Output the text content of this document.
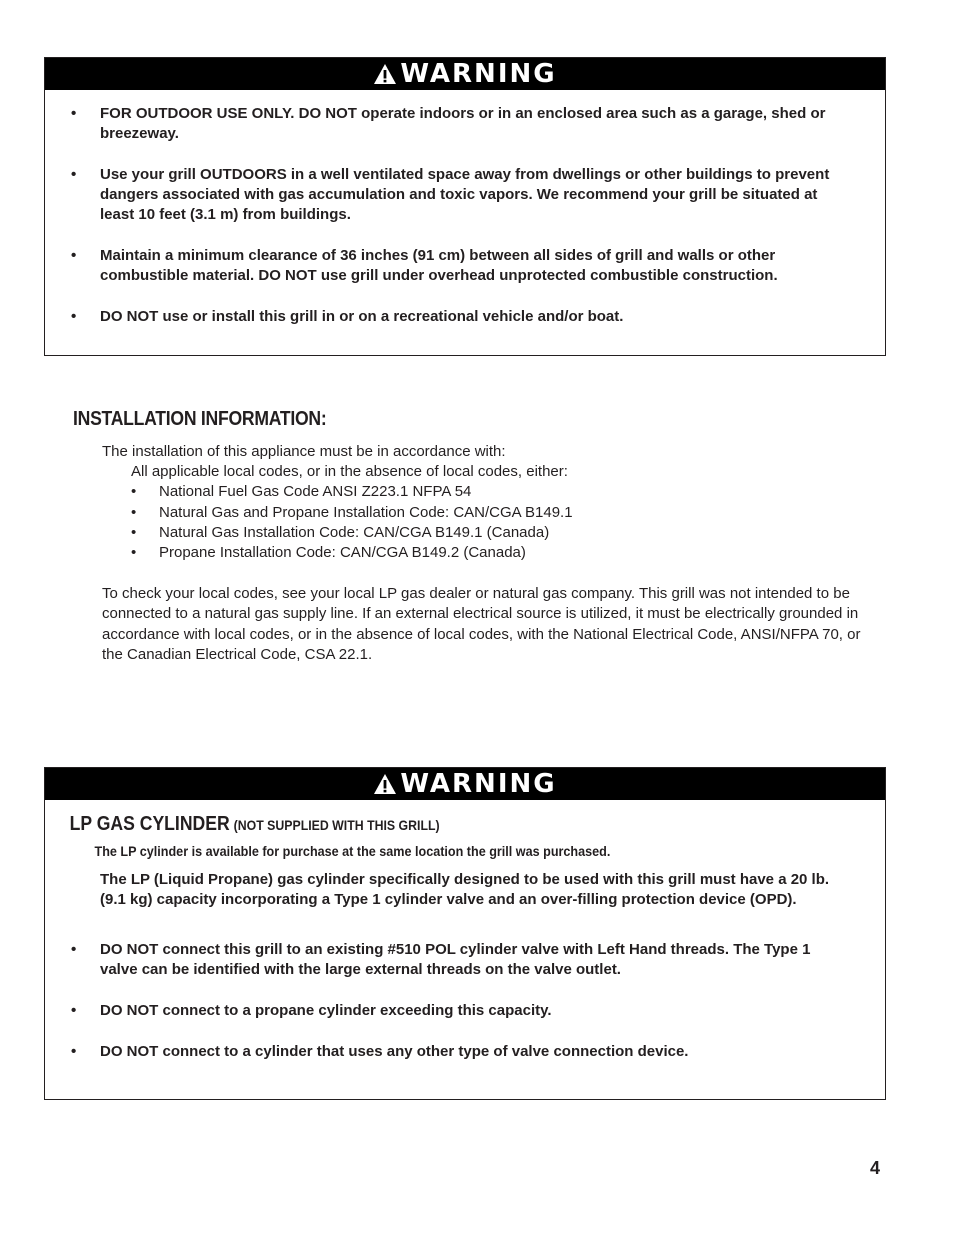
WARNING
• FOR OUTDOOR USE ONLY. DO NOT operate indoors or in an enclosed area such as a garage, shed or breezeway.
• Use your grill OUTDOORS in a well ventilated space away from dwellings or other buildings to prevent dangers associated with gas accumulation and toxic vapors. We recommend your grill be situated at least 10 feet (3.1 m) from buildings.
• Maintain a minimum clearance of 36 inches (91 cm) between all sides of grill and walls or other combustible material. DO NOT use grill under overhead unprotected combustible construction.
• DO NOT use or install this grill in or on a recreational vehicle and/or boat.
INSTALLATION INFORMATION:
The installation of this appliance must be in accordance with:
All applicable local codes, or in the absence of local codes, either:
• National Fuel Gas Code ANSI Z223.1 NFPA 54
• Natural Gas and Propane Installation Code: CAN/CGA B149.1
• Natural Gas Installation Code: CAN/CGA B149.1 (Canada)
• Propane Installation Code: CAN/CGA B149.2 (Canada)

To check your local codes, see your local LP gas dealer or natural gas company. This grill was not intended to be connected to a natural gas supply line. If an external electrical source is utilized, it must be electrically grounded in accordance with local codes, or in the absence of local codes, with the National Electrical Code, ANSI/NFPA 70, or the Canadian Electrical Code, CSA 22.1.

WARNING
LP GAS CYLINDER (NOT SUPPLIED WITH THIS GRILL)
The LP cylinder is available for purchase at the same location the grill was purchased.

The LP (Liquid Propane) gas cylinder specifically designed to be used with this grill must have a 20 lb. (9.1 kg) capacity incorporating a Type 1 cylinder valve and an over-filling protection device (OPD).

• DO NOT connect this grill to an existing #510 POL cylinder valve with Left Hand threads. The Type 1 valve can be identified with the large external threads on the valve outlet.
• DO NOT connect to a propane cylinder exceeding this capacity.
• DO NOT connect to a cylinder that uses any other type of valve connection device.
4
